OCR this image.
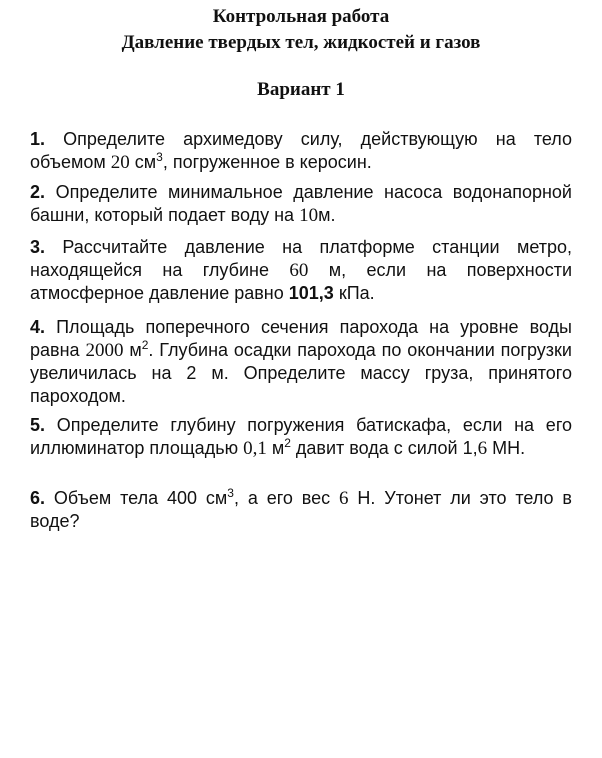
Контрольная работа
Давление твердых тел, жидкостей и газов
Вариант 1

1. Определите архимедову силу, действующую на тело объемом 20 $см^3$, погруженное в керосин.

2. Определите минимальное давление насоса водонапорной башни, который подает воду на 10м.

3. Рассчитайте давление на платформе станции метро, находящейся на глубине 60 м, если на поверхности атмосферное давление равно 101,3 кПа.

4. Площадь поперечного сечения парохода на уровне воды равна 2000 $м^2$. Глубина осадки парохода по окончании погрузки увеличилась на 2 м. Определите массу груза, принятого пароходом.

5. Определите глубину погружения батискафа, если на его иллюминатор площадью 0,1 $м^2$ давит вода с силой 1,6 МН.

6. Объем тела 400 $см^3$, а его вес 6 Н. Утонет ли это тело в воде?
